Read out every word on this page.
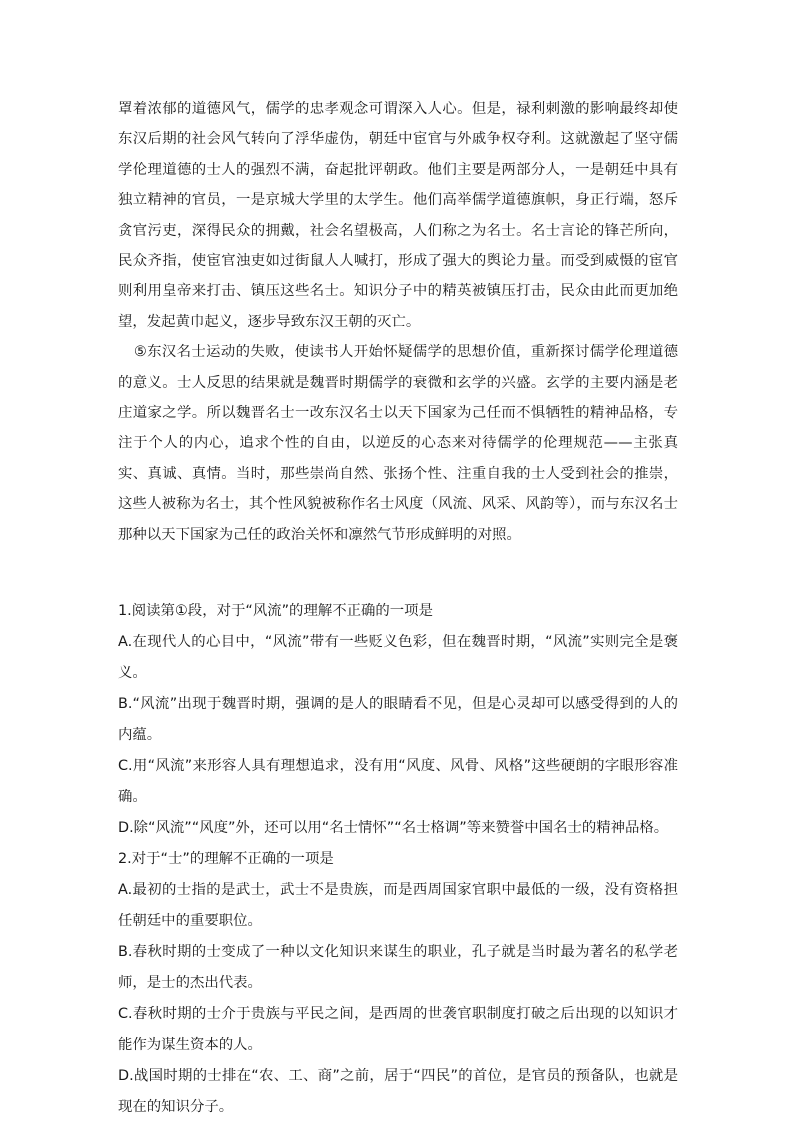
罩着浓郁的道德风气，儒学的忠孝观念可谓深入人心。但是，禄利刺激的影响最终却使东汉后期的社会风气转向了浮华虚伪，朝廷中宦官与外戚争权夺利。这就激起了坚守儒学伦理道德的士人的强烈不满，奋起批评朝政。他们主要是两部分人，一是朝廷中具有独立精神的官员，一是京城大学里的太学生。他们高举儒学道德旗帜，身正行端，怒斥贪官污吏，深得民众的拥戴，社会名望极高，人们称之为名士。名士言论的锋芒所向，民众齐指，使宦官浊吏如过街鼠人人喊打，形成了强大的舆论力量。而受到威慑的宦官则利用皇帝来打击、镇压这些名士。知识分子中的精英被镇压打击，民众由此而更加绝望，发起黄巾起义，逐步导致东汉王朝的灭亡。

⑤东汉名士运动的失败，使读书人开始怀疑儒学的思想价值，重新探讨儒学伦理道德的意义。士人反思的结果就是魏晋时期儒学的衰微和玄学的兴盛。玄学的主要内涵是老庄道家之学。所以魏晋名士一改东汉名士以天下国家为己任而不惧牺牲的精神品格，专注于个人的内心，追求个性的自由，以逆反的心态来对待儒学的伦理规范——主张真实、真诚、真情。当时，那些崇尚自然、张扬个性、注重自我的士人受到社会的推崇，这些人被称为名士，其个性风貌被称作名士风度（风流、风采、风韵等），而与东汉名士那种以天下国家为己任的政治关怀和凛然气节形成鲜明的对照。

1.阅读第①段，对于“风流”的理解不正确的一项是

A.在现代人的心目中，“风流”带有一些贬义色彩，但在魏晋时期，“风流”实则完全是褒义。

B.“风流”出现于魏晋时期，强调的是人的眼睛看不见，但是心灵却可以感受得到的人的内蕴。

C.用“风流”来形容人具有理想追求，没有用“风度、风骨、风格”这些硬朗的字眼形容准确。

D.除“风流”“风度”外，还可以用“名士情怀”“名士格调”等来赞誉中国名士的精神品格。

2.对于“士”的理解不正确的一项是

A.最初的士指的是武士，武士不是贵族，而是西周国家官职中最低的一级，没有资格担任朝廷中的重要职位。

B.春秋时期的士变成了一种以文化知识来谋生的职业，孔子就是当时最为著名的私学老师，是士的杰出代表。

C.春秋时期的士介于贵族与平民之间，是西周的世袭官职制度打破之后出现的以知识才能作为谋生资本的人。

D.战国时期的士排在“农、工、商”之前，居于“四民”的首位，是官员的预备队，也就是现在的知识分子。
